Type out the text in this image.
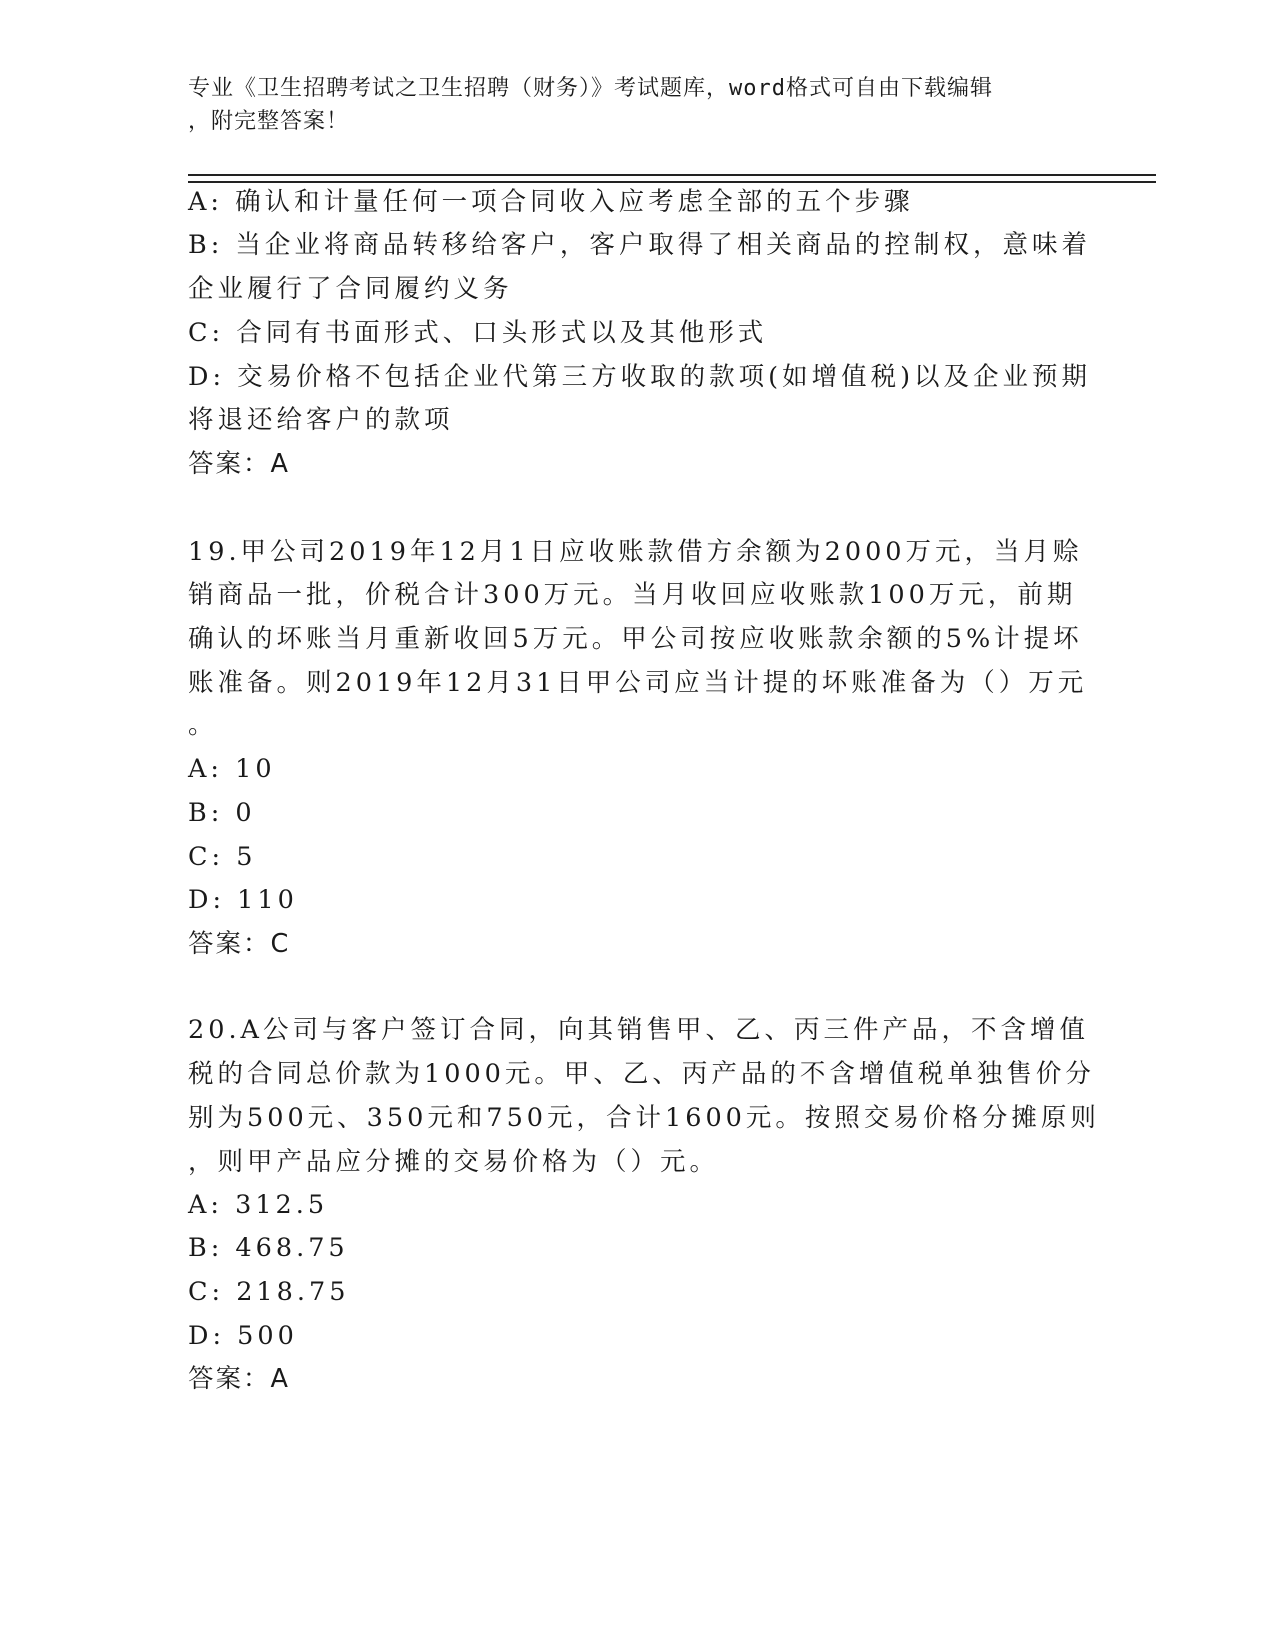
专业《卫生招聘考试之卫生招聘（财务）》考试题库，word格式可自由下载编辑
，附完整答案！
A: 确认和计量任何一项合同收入应考虑全部的五个步骤
B: 当企业将商品转移给客户，客户取得了相关商品的控制权，意味着
企业履行了合同履约义务
C: 合同有书面形式、口头形式以及其他形式
D: 交易价格不包括企业代第三方收取的款项(如增值税)以及企业预期
将退还给客户的款项
答案：A
19.甲公司2019年12月1日应收账款借方余额为2000万元，当月赊
销商品一批，价税合计300万元。当月收回应收账款100万元，前期
确认的坏账当月重新收回5万元。甲公司按应收账款余额的5%计提坏
账准备。则2019年12月31日甲公司应当计提的坏账准备为（）万元
。
A: 10
B: 0
C: 5
D: 110
答案：C
20.A公司与客户签订合同，向其销售甲、乙、丙三件产品，不含增值
税的合同总价款为1000元。甲、乙、丙产品的不含增值税单独售价分
别为500元、350元和750元，合计1600元。按照交易价格分摊原则
，则甲产品应分摊的交易价格为（）元。
A: 312.5
B: 468.75
C: 218.75
D: 500
答案：A
